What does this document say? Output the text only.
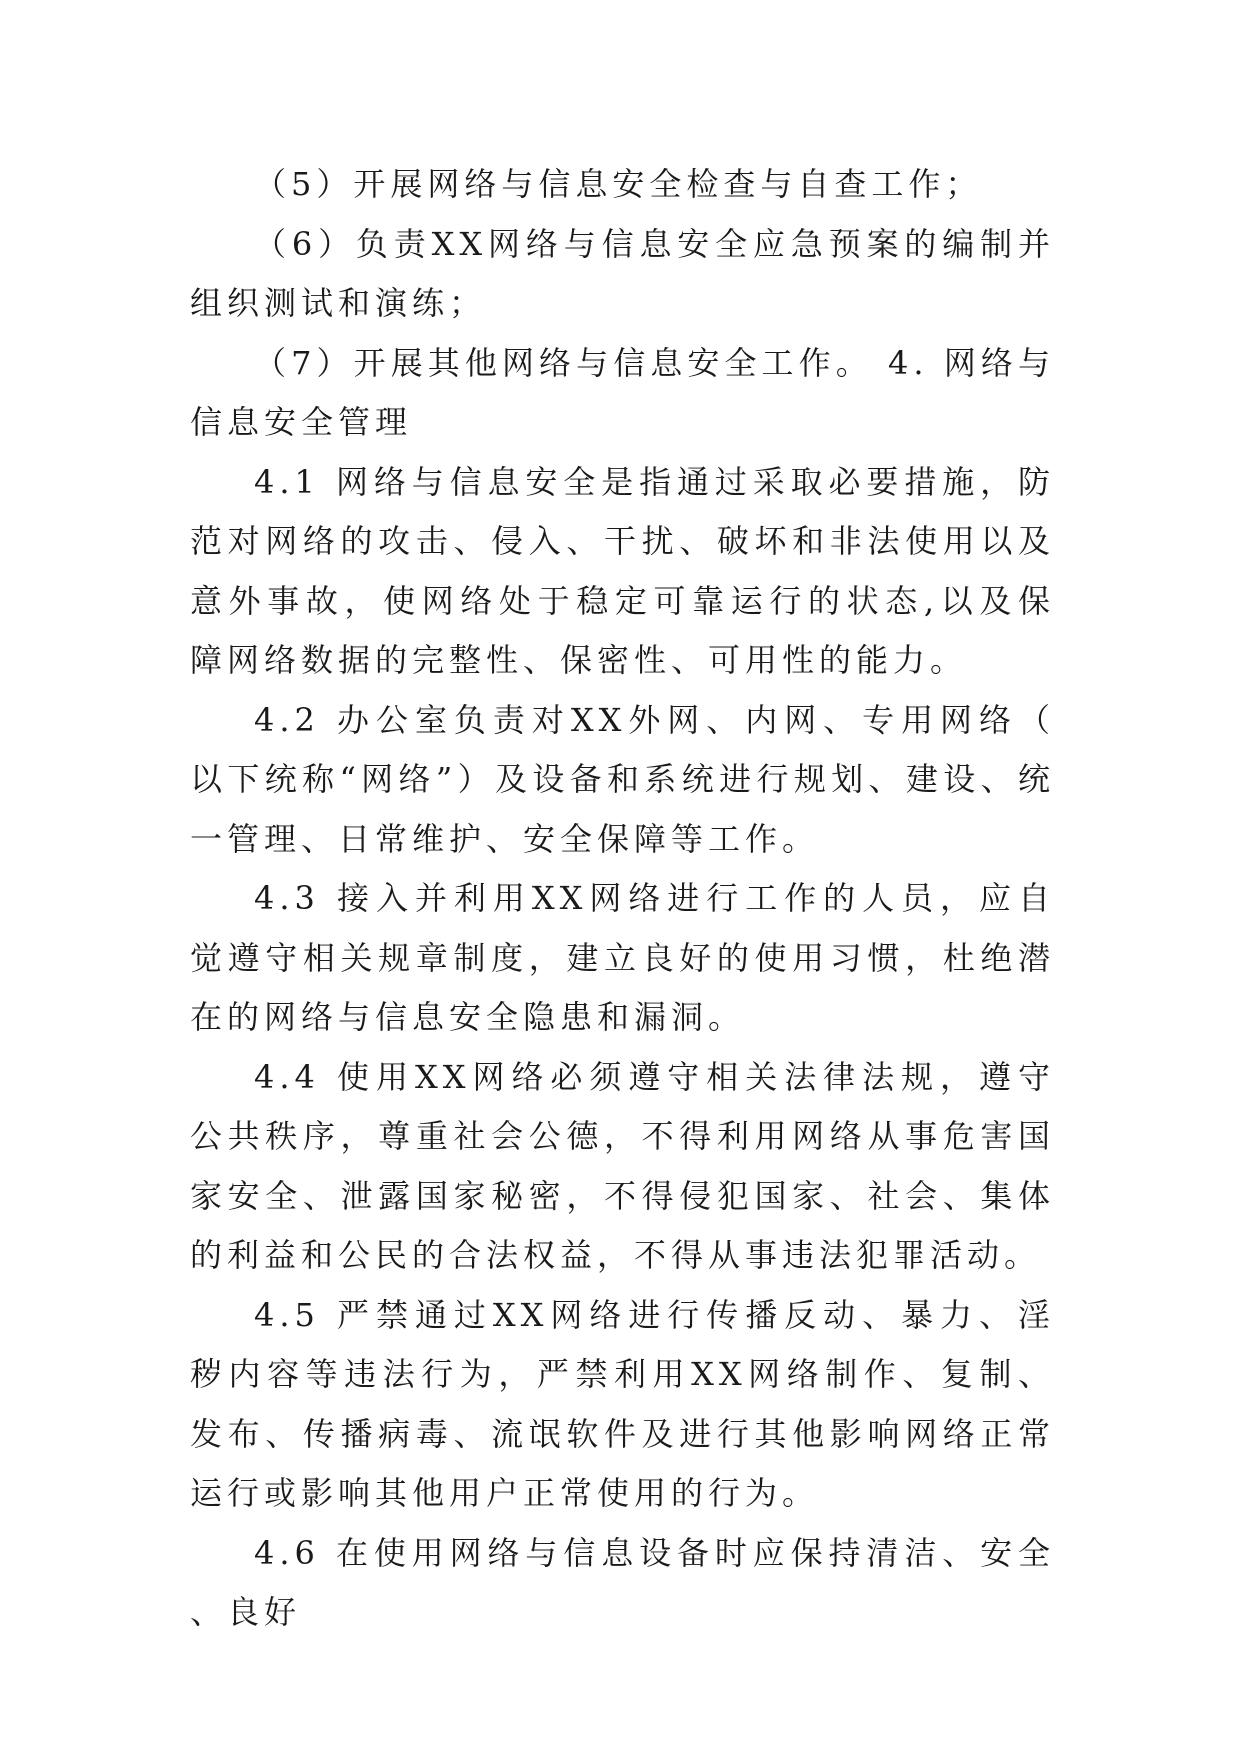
（5）开展网络与信息安全检查与自查工作；

（6）负责XX网络与信息安全应急预案的编制并组织测试和演练；

（7）开展其他网络与信息安全工作。 4. 网络与信息安全管理

4.1 网络与信息安全是指通过采取必要措施，防范对网络的攻击、侵入、干扰、破坏和非法使用以及意外事故，使网络处于稳定可靠运行的状态,以及保障网络数据的完整性、保密性、可用性的能力。

4.2 办公室负责对XX外网、内网、专用网络（以下统称“网络”）及设备和系统进行规划、建设、统一管理、日常维护、安全保障等工作。

4.3 接入并利用XX网络进行工作的人员，应自觉遵守相关规章制度，建立良好的使用习惯，杜绝潜在的网络与信息安全隐患和漏洞。

4.4 使用XX网络必须遵守相关法律法规，遵守公共秩序，尊重社会公德，不得利用网络从事危害国家安全、泄露国家秘密，不得侵犯国家、社会、集体的利益和公民的合法权益，不得从事违法犯罪活动。

4.5 严禁通过XX网络进行传播反动、暴力、淫秽内容等违法行为，严禁利用XX网络制作、复制、发布、传播病毒、流氓软件及进行其他影响网络正常运行或影响其他用户正常使用的行为。

4.6 在使用网络与信息设备时应保持清洁、安全、良好
